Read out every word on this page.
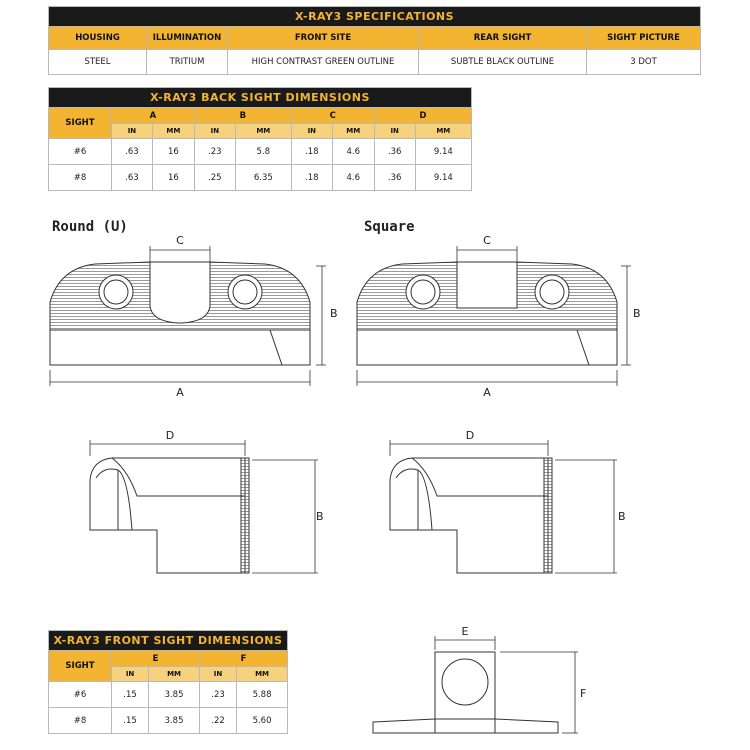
X-RAY3 SPECIFICATIONS				
HOUSING	ILLUMINATION	FRONT SITE	REAR SIGHT	SIGHT PICTURE
STEEL	TRITIUM	HIGH CONTRAST GREEN OUTLINE	SUBTLE BLACK OUTLINE	3 DOT
X-RAY3 BACK SIGHT DIMENSIONS								
SIGHT	A		B		C		D	
	IN	MM	IN	MM	IN	MM	IN	MM
#6	.63	16	.23	5.8	.18	4.6	.36	9.14
#8	.63	16	.25	6.35	.18	4.6	.36	9.14
X-RAY3 FRONT SIGHT DIMENSIONS				
SIGHT	E		F	
	IN	MM	IN	MM
#6	.15	3.85	.23	5.88
#8	.15	3.85	.22	5.60
Round (U)	Square
C
A
B
C
A
B
D
B
D
B
E
F
